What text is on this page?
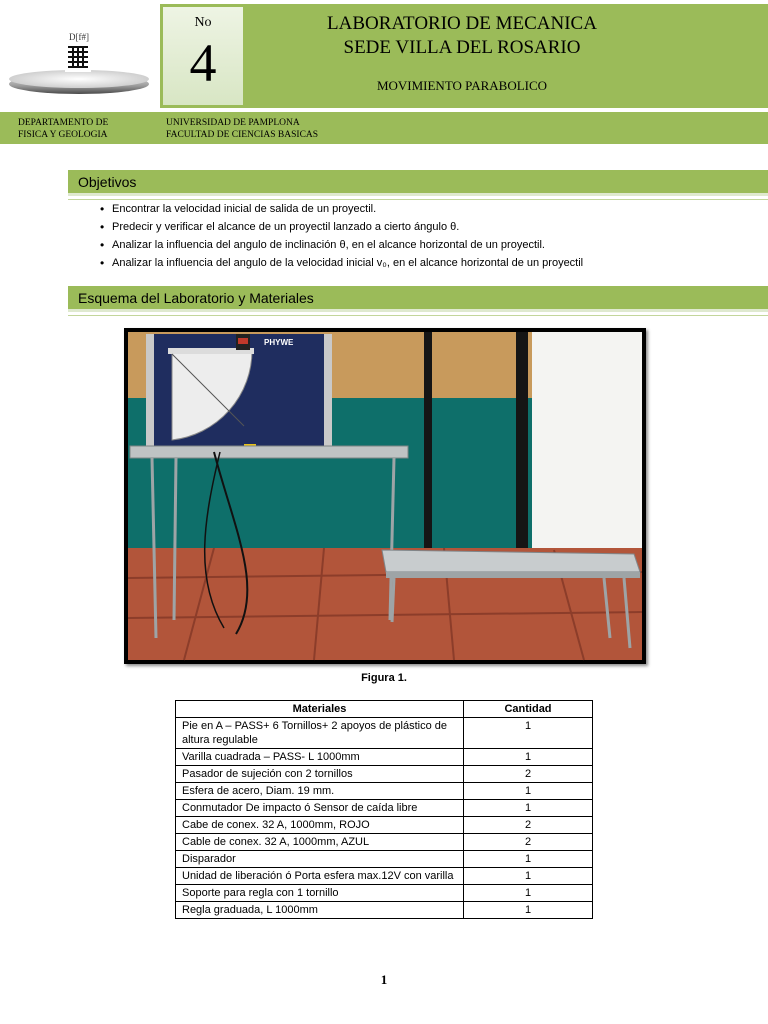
D[f#]
No
4
LABORATORIO DE MECANICA
SEDE VILLA DEL ROSARIO
MOVIMIENTO PARABOLICO
DEPARTAMENTO DE
FISICA Y GEOLOGIA
UNIVERSIDAD DE PAMPLONA
FACULTAD DE CIENCIAS BASICAS
Objetivos
• Encontrar la velocidad inicial de salida de un proyectil.
• Predecir y verificar el alcance de un proyectil lanzado a cierto ángulo θ.
• Analizar la influencia del angulo de inclinación θ, en el alcance horizontal de un proyectil.
• Analizar la influencia del angulo de la velocidad inicial v₀, en el alcance horizontal de un proyectil
Esquema del Laboratorio y Materiales
PHYWE
Figura 1.
Materiales	Cantidad
Pie en A – PASS+ 6 Tornillos+ 2 apoyos de plástico de altura regulable	1
Varilla cuadrada – PASS- L 1000mm	1
Pasador de sujeción con 2 tornillos	2
Esfera de acero, Diam. 19 mm.	1
Conmutador De impacto ó Sensor de caída libre	1
Cabe de conex. 32 A, 1000mm, ROJO	2
Cable de conex. 32 A, 1000mm, AZUL	2
Disparador	1
Unidad de liberación ó Porta esfera max.12V con varilla	1
Soporte para regla con 1 tornillo	1
Regla graduada, L 1000mm	1
1
